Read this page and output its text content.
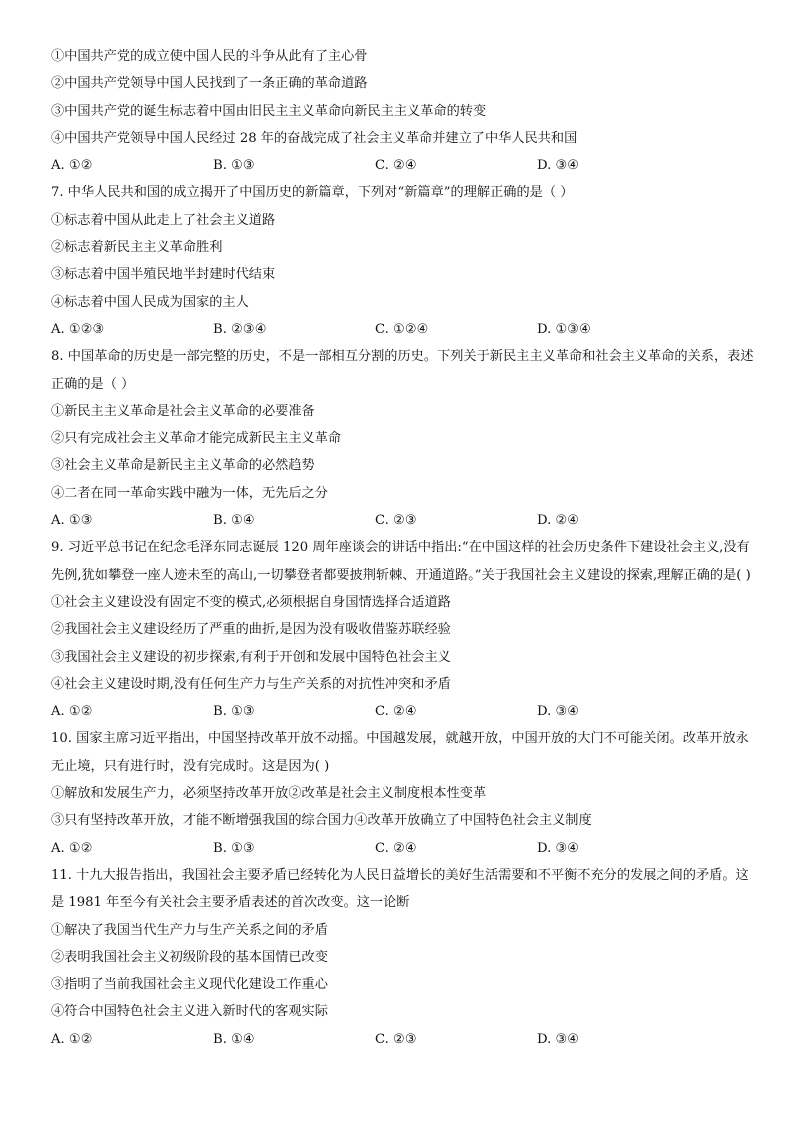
①中国共产党的成立使中国人民的斗争从此有了主心骨
②中国共产党领导中国人民找到了一条正确的革命道路
③中国共产党的诞生标志着中国由旧民主主义革命向新民主主义革命的转变
④中国共产党领导中国人民经过 28 年的奋战完成了社会主义革命并建立了中华人民共和国
A. ①②	B. ①③	C. ②④	D. ③④
7. 中华人民共和国的成立揭开了中国历史的新篇章，下列对“新篇章”的理解正确的是（ ）
①标志着中国从此走上了社会主义道路
②标志着新民主主义革命胜利
③标志着中国半殖民地半封建时代结束
④标志着中国人民成为国家的主人
A. ①②③	B. ②③④	C. ①②④	D. ①③④
8. 中国革命的历史是一部完整的历史，不是一部相互分割的历史。下列关于新民主主义革命和社会主义革命的关系，表述正确的是（ ）
①新民主主义革命是社会主义革命的必要准备
②只有完成社会主义革命才能完成新民主主义革命
③社会主义革命是新民主主义革命的必然趋势
④二者在同一革命实践中融为一体，无先后之分
A. ①③	B. ①④	C. ②③	D. ②④
9. 习近平总书记在纪念毛泽东同志诞辰 120 周年座谈会的讲话中指出:“在中国这样的社会历史条件下建设社会主义,没有先例,犹如攀登一座人迹未至的高山,一切攀登者都要披荆斩棘、开通道路。”关于我国社会主义建设的探索,理解正确的是( )
①社会主义建设没有固定不变的模式,必须根据自身国情选择合适道路
②我国社会主义建设经历了严重的曲折,是因为没有吸收借鉴苏联经验
③我国社会主义建设的初步探索,有利于开创和发展中国特色社会主义
④社会主义建设时期,没有任何生产力与生产关系的对抗性冲突和矛盾
A. ①②	B. ①③	C. ②④	D. ③④
10. 国家主席习近平指出，中国坚持改革开放不动摇。中国越发展，就越开放，中国开放的大门不可能关闭。改革开放永无止境，只有进行时，没有完成时。这是因为( )
①解放和发展生产力，必须坚持改革开放②改革是社会主义制度根本性变革
③只有坚持改革开放，才能不断增强我国的综合国力④改革开放确立了中国特色社会主义制度
A. ①②	B. ①③	C. ②④	D. ③④
11. 十九大报告指出，我国社会主要矛盾已经转化为人民日益增长的美好生活需要和不平衡不充分的发展之间的矛盾。这是 1981 年至今有关社会主要矛盾表述的首次改变。这一论断
①解决了我国当代生产力与生产关系之间的矛盾
②表明我国社会主义初级阶段的基本国情已改变
③指明了当前我国社会主义现代化建设工作重心
④符合中国特色社会主义进入新时代的客观实际
A. ①②	B. ①④	C. ②③	D. ③④
